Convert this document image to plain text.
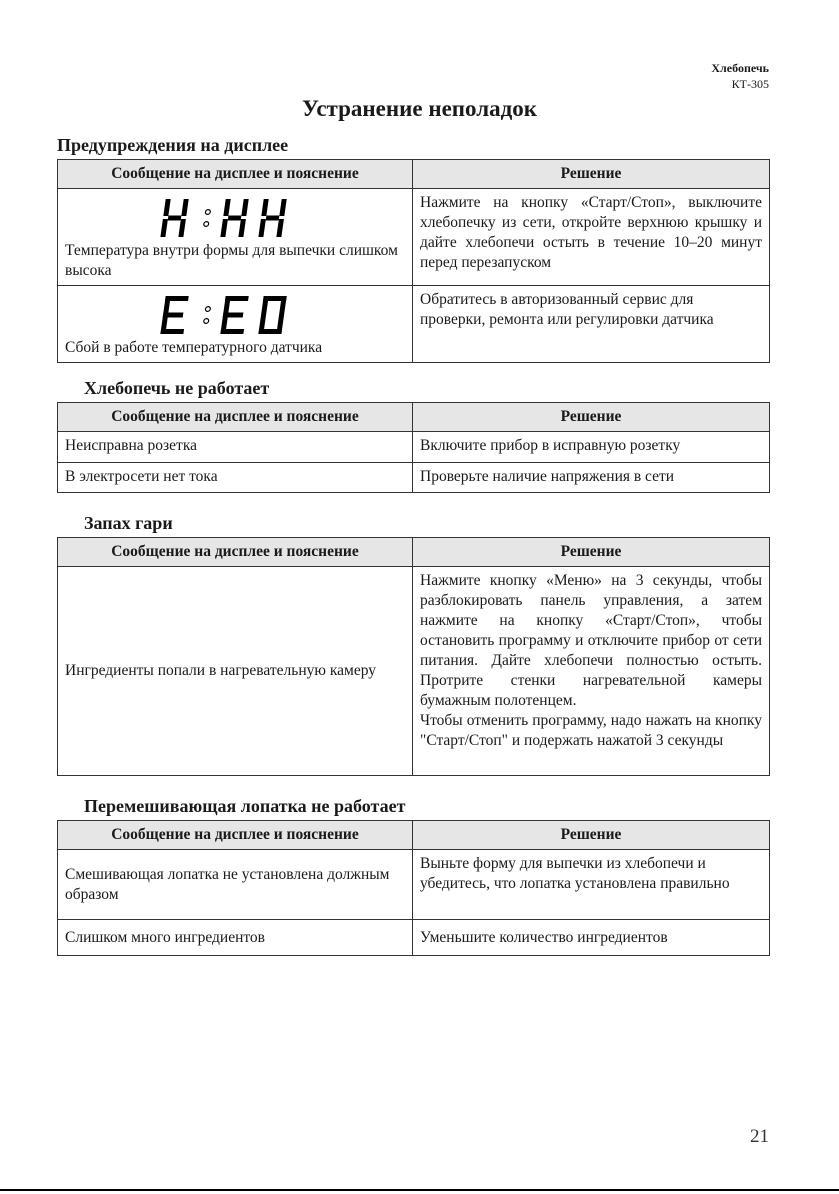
Хлебопечь
КТ-305
Устранение неполадок
Предупреждения на дисплее
Сообщение на дисплее и пояснение	Решение

Температура внутри формы для выпечки слишком высока	Нажмите на кнопку «Старт/Стоп», выключите хлебопечку из сети, откройте верхнюю крышку и дайте хлебопечи остыть в течение 10–20 минут перед перезапуском

Сбой в работе температурного датчика	Обратитесь в авторизованный сервис для проверки, ремонта или регулировки датчика
Хлебопечь не работает
Сообщение на дисплее и пояснение	Решение
Неисправна розетка	Включите прибор в исправную розетку
В электросети нет тока	Проверьте наличие напряжения в сети
Запах гари
Сообщение на дисплее и пояснение	Решение
Ингредиенты попали в нагревательную камеру	Нажмите кнопку «Меню» на 3 секунды, чтобы разблокировать панель управления, а затем нажмите на кнопку «Старт/Стоп», чтобы остановить программу и отключите прибор от сети питания. Дайте хлебопечи полностью остыть. Протрите стенки нагревательной камеры бумажным полотенцем.
Чтобы отменить программу, надо нажать на кнопку "Старт/Стоп" и подержать нажатой 3 секунды
Перемешивающая лопатка не работает
Сообщение на дисплее и пояснение	Решение
Смешивающая лопатка не установлена должным образом	Выньте форму для выпечки из хлебопечи и убедитесь, что лопатка установлена правильно
Слишком много ингредиентов	Уменьшите количество ингредиентов
21
